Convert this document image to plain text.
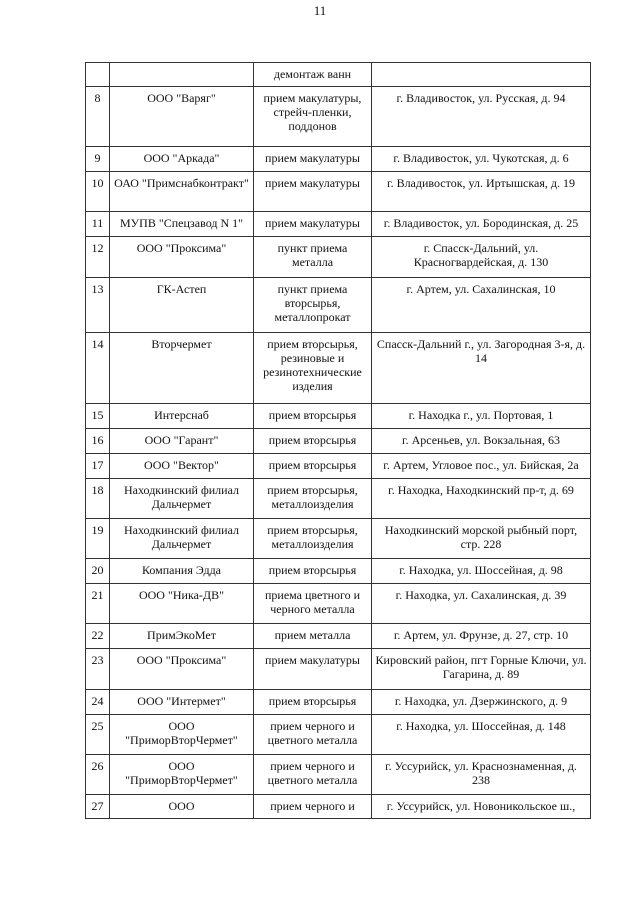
11
		демонтаж ванн	
8	ООО "Варяг"	прием макулатуры, стрейч-пленки, поддонов	г. Владивосток, ул. Русская, д. 94
9	ООО "Аркада"	прием макулатуры	г. Владивосток, ул. Чукотская, д. 6
10	ОАО "Примснабконтракт"	прием макулатуры	г. Владивосток, ул. Иртышская, д. 19
11	МУПВ "Спецзавод N 1"	прием макулатуры	г. Владивосток, ул. Бородинская, д. 25
12	ООО "Проксима"	пункт приема металла	г. Спасск-Дальний, ул. Красногвардейская, д. 130
13	ГК-Астеп	пункт приема вторсырья, металлопрокат	г. Артем, ул. Сахалинская, 10
14	Вторчермет	прием вторсырья, резиновые и резинотехнические изделия	Спасск-Дальний г., ул. Загородная 3-я, д. 14
15	Интерснаб	прием вторсырья	г. Находка г., ул. Портовая, 1
16	ООО "Гарант"	прием вторсырья	г. Арсеньев, ул. Вокзальная, 63
17	ООО "Вектор"	прием вторсырья	г. Артем, Угловое пос., ул. Бийская, 2а
18	Находкинский филиал Дальчермет	прием вторсырья, металлоизделия	г. Находка, Находкинский пр-т, д. 69
19	Находкинский филиал Дальчермет	прием вторсырья, металлоизделия	Находкинский морской рыбный порт, стр. 228
20	Компания Эдда	прием вторсырья	г. Находка, ул. Шоссейная, д. 98
21	ООО "Ника-ДВ"	приема цветного и черного металла	г. Находка, ул. Сахалинская, д. 39
22	ПримЭкоМет	прием металла	г. Артем, ул. Фрунзе, д. 27, стр. 10
23	ООО "Проксима"	прием макулатуры	Кировский район, пгт Горные Ключи, ул. Гагарина, д. 89
24	ООО "Интермет"	прием вторсырья	г. Находка, ул. Дзержинского, д. 9
25	ООО "ПриморВторЧермет"	прием черного и цветного металла	г. Находка, ул. Шоссейная, д. 148
26	ООО "ПриморВторЧермет"	прием черного и цветного металла	г. Уссурийск, ул. Краснознаменная, д. 238
27	ООО	прием черного и	г. Уссурийск, ул. Новоникольское ш.,
